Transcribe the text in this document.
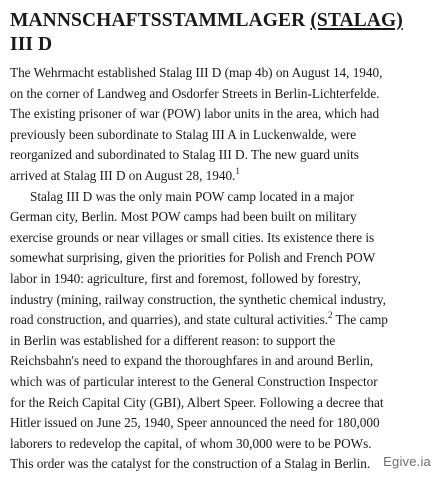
MANNSCHAFTSSTAMMLAGER (STALAG)
III D

The Wehrmacht established Stalag III D (map 4b) on August 14, 1940,
on the corner of Landweg and Osdorfer Streets in Berlin-Lichterfelde.
The existing prisoner of war (POW) labor units in the area, which had
previously been subordinate to Stalag III A in Luckenwalde, were
reorganized and subordinated to Stalag III D. The new guard units
arrived at Stalag III D on August 28, 1940.$^1$

Stalag III D was the only main POW camp located in a major
German city, Berlin. Most POW camps had been built on military
exercise grounds or near villages or small cities. Its existence there is
somewhat surprising, given the priorities for Polish and French POW
labor in 1940: agriculture, first and foremost, followed by forestry,
industry (mining, railway construction, the synthetic chemical industry,
road construction, and quarries), and state cultural activities.$^2$ The camp
in Berlin was established for a different reason: to support the
Reichsbahn's need to expand the thoroughfares in and around Berlin,
which was of particular interest to the General Construction Inspector
for the Reich Capital City (GBI), Albert Speer. Following a decree that
Hitler issued on June 25, 1940, Speer announced the need for 180,000
laborers to redevelop the capital, of whom 30,000 were to be POWs.
This order was the catalyst for the construction of a Stalag in Berlin. Egive.ia
